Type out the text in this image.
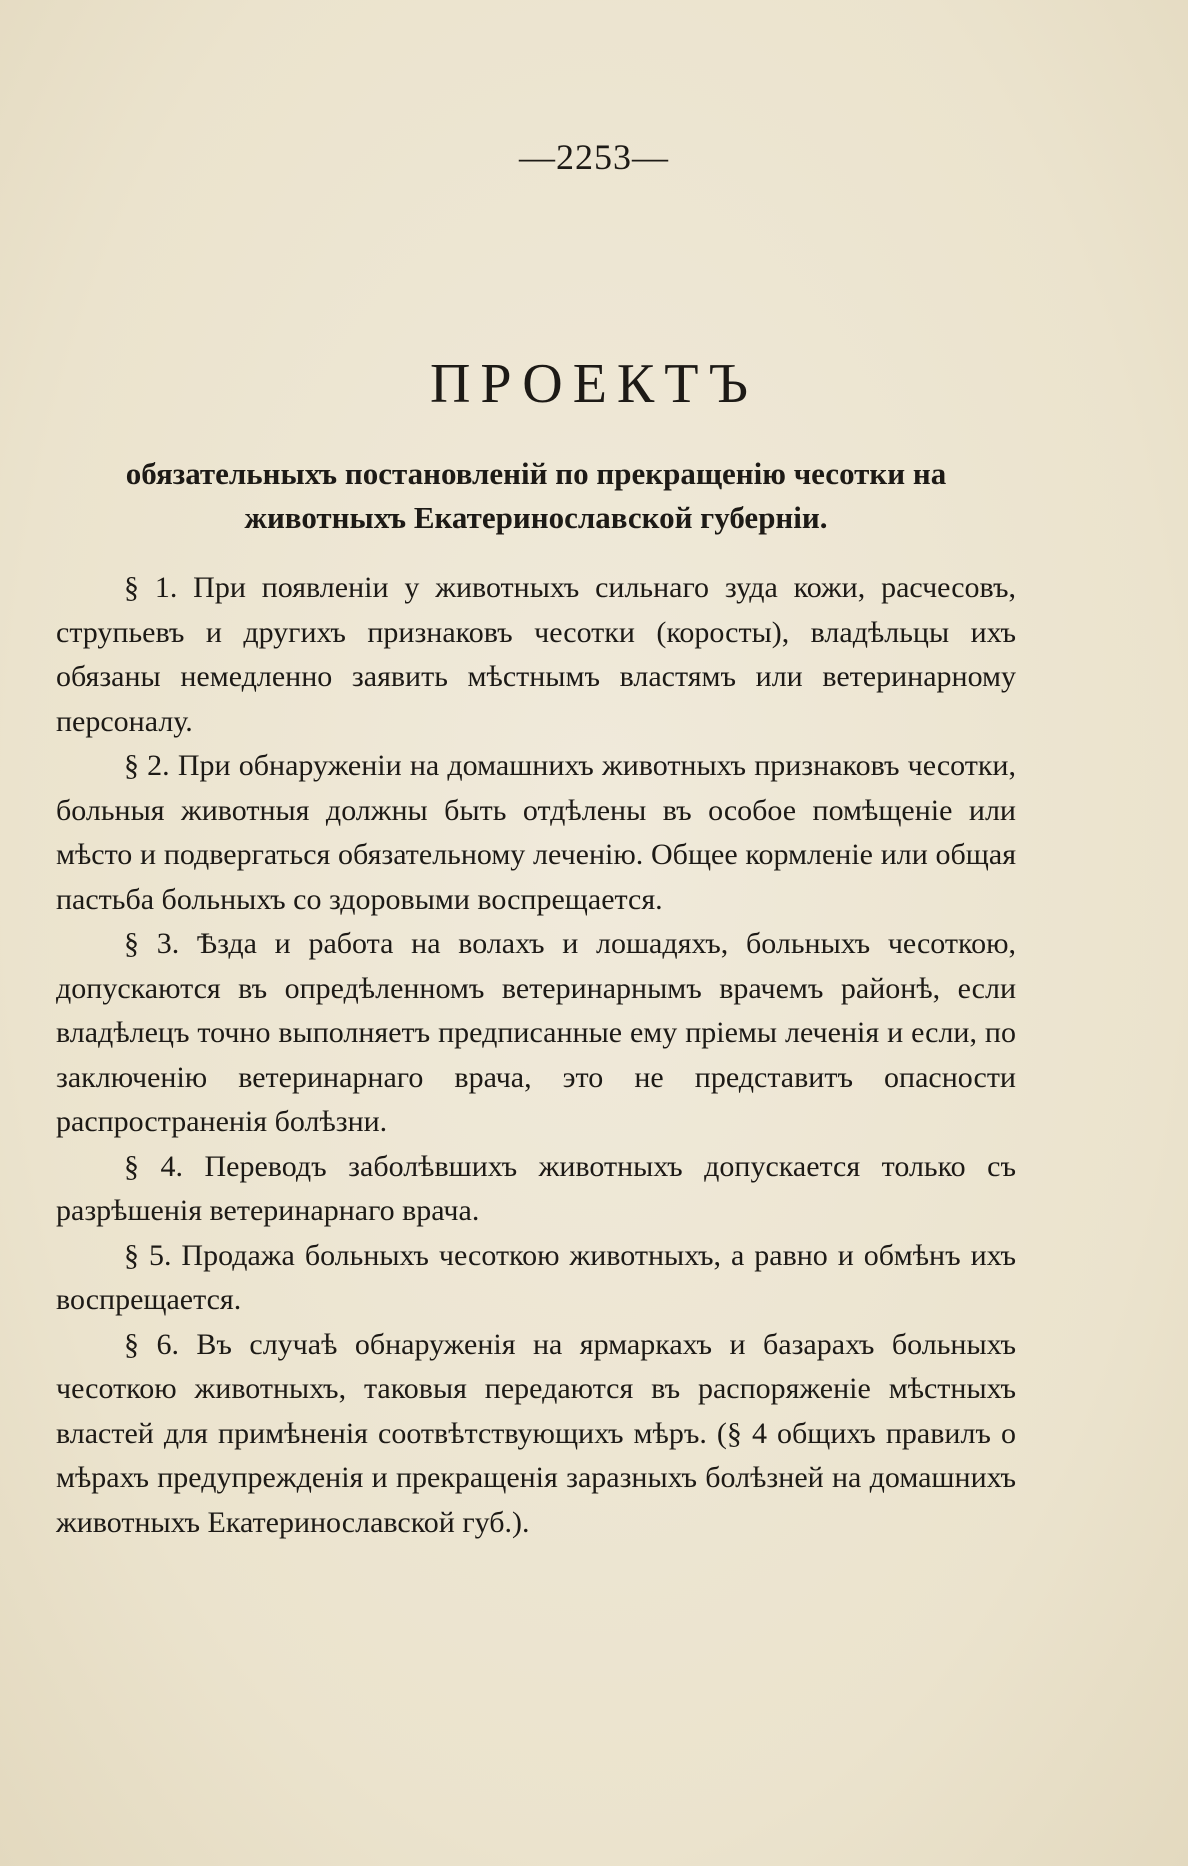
—2253—
ПРОЕКТЪ

обязательныхъ постановленій по прекращенію чесотки на животныхъ Екатеринославской губерніи.

§ 1. При появленіи у животныхъ сильнаго зуда кожи, расчесовъ, струпьевъ и другихъ признаковъ чесотки (коросты), владѣльцы ихъ обязаны немедленно заявить мѣстнымъ властямъ или ветеринарному персоналу.

§ 2. При обнаруженіи на домашнихъ животныхъ признаковъ чесотки, больныя животныя должны быть отдѣлены въ особое помѣщеніе или мѣсто и подвергаться обязательному леченію. Общее кормленіе или общая пастьба больныхъ со здоровыми воспрещается.

§ 3. Ѣзда и работа на волахъ и лошадяхъ, больныхъ чесоткою, допускаются въ опредѣленномъ ветеринарнымъ врачемъ районѣ, если владѣлецъ точно выполняетъ предписанные ему пріемы леченія и если, по заключенію ветеринарнаго врача, это не представитъ опасности распространенія болѣзни.

§ 4. Переводъ заболѣвшихъ животныхъ допускается только съ разрѣшенія ветеринарнаго врача.

§ 5. Продажа больныхъ чесоткою животныхъ, а равно и обмѣнъ ихъ воспрещается.

§ 6. Въ случаѣ обнаруженія на ярмаркахъ и базарахъ больныхъ чесоткою животныхъ, таковыя передаются въ распоряженіе мѣстныхъ властей для примѣненія соотвѣтствующихъ мѣръ. (§ 4 общихъ правилъ о мѣрахъ предупрежденія и прекращенія заразныхъ болѣзней на домашнихъ животныхъ Екатеринославской губ.).
